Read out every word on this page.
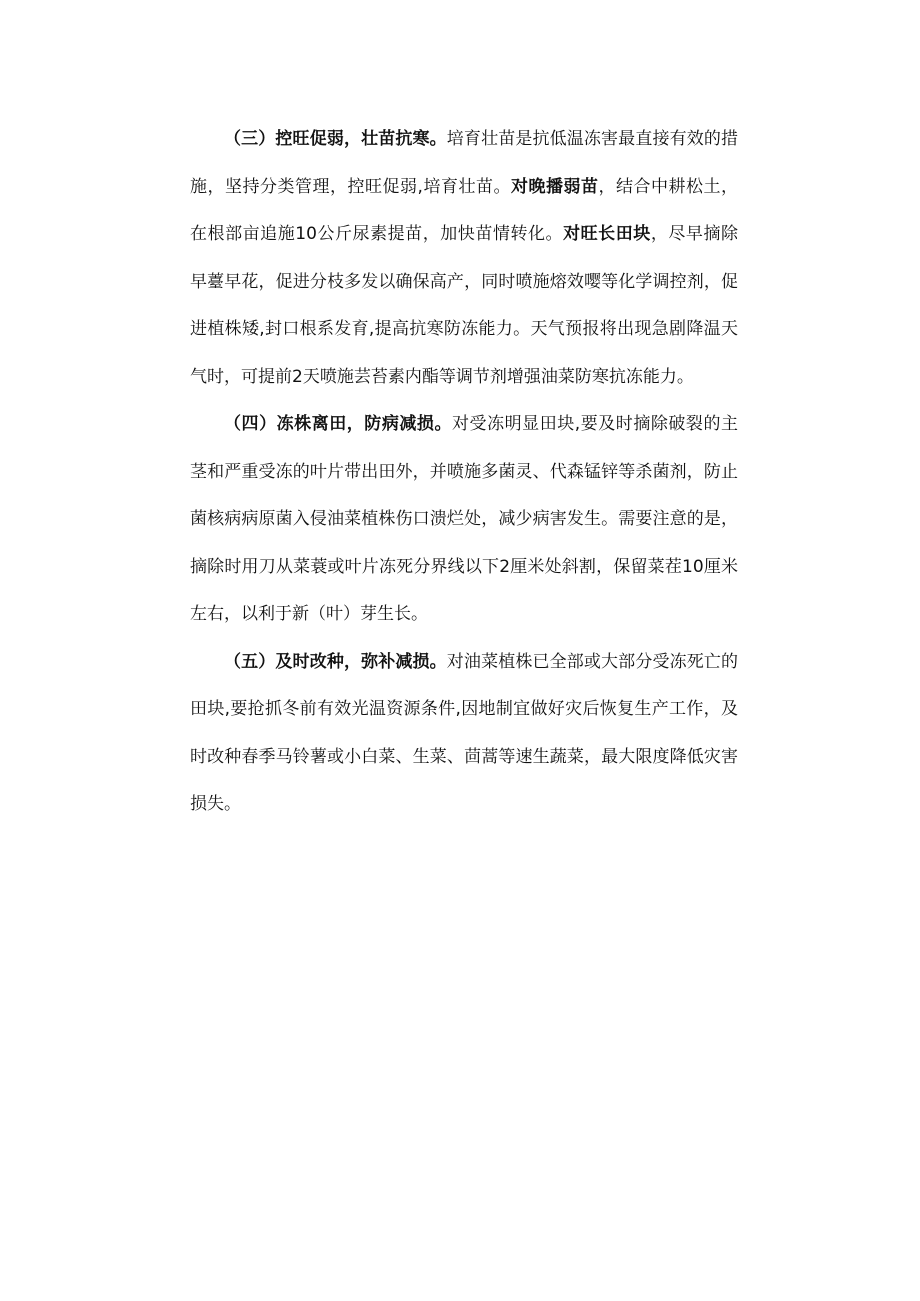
（三）控旺促弱，壮苗抗寒。培育壮苗是抗低温冻害最直接有效的措施，坚持分类管理，控旺促弱,培育壮苗。对晚播弱苗，结合中耕松土，在根部亩追施10公斤尿素提苗，加快苗情转化。对旺长田块，尽早摘除早薹早花，促进分枝多发以确保高产，同时喷施熔效嘤等化学调控剂，促进植株矮,封口根系发育,提高抗寒防冻能力。天气预报将出现急剧降温天气时，可提前2天喷施芸苔素内酯等调节剂增强油菜防寒抗冻能力。

（四）冻株离田，防病减损。对受冻明显田块,要及时摘除破裂的主茎和严重受冻的叶片带出田外，并喷施多菌灵、代森锰锌等杀菌剂，防止菌核病病原菌入侵油菜植株伤口溃烂处，减少病害发生。需要注意的是，摘除时用刀从菜蓑或叶片冻死分界线以下2厘米处斜割，保留菜茬10厘米左右，以利于新（叶）芽生长。

（五）及时改种，弥补减损。对油菜植株已全部或大部分受冻死亡的田块,要抢抓冬前有效光温资源条件,因地制宜做好灾后恢复生产工作，及时改种春季马铃薯或小白菜、生菜、茴蒿等速生蔬菜，最大限度降低灾害损失。
